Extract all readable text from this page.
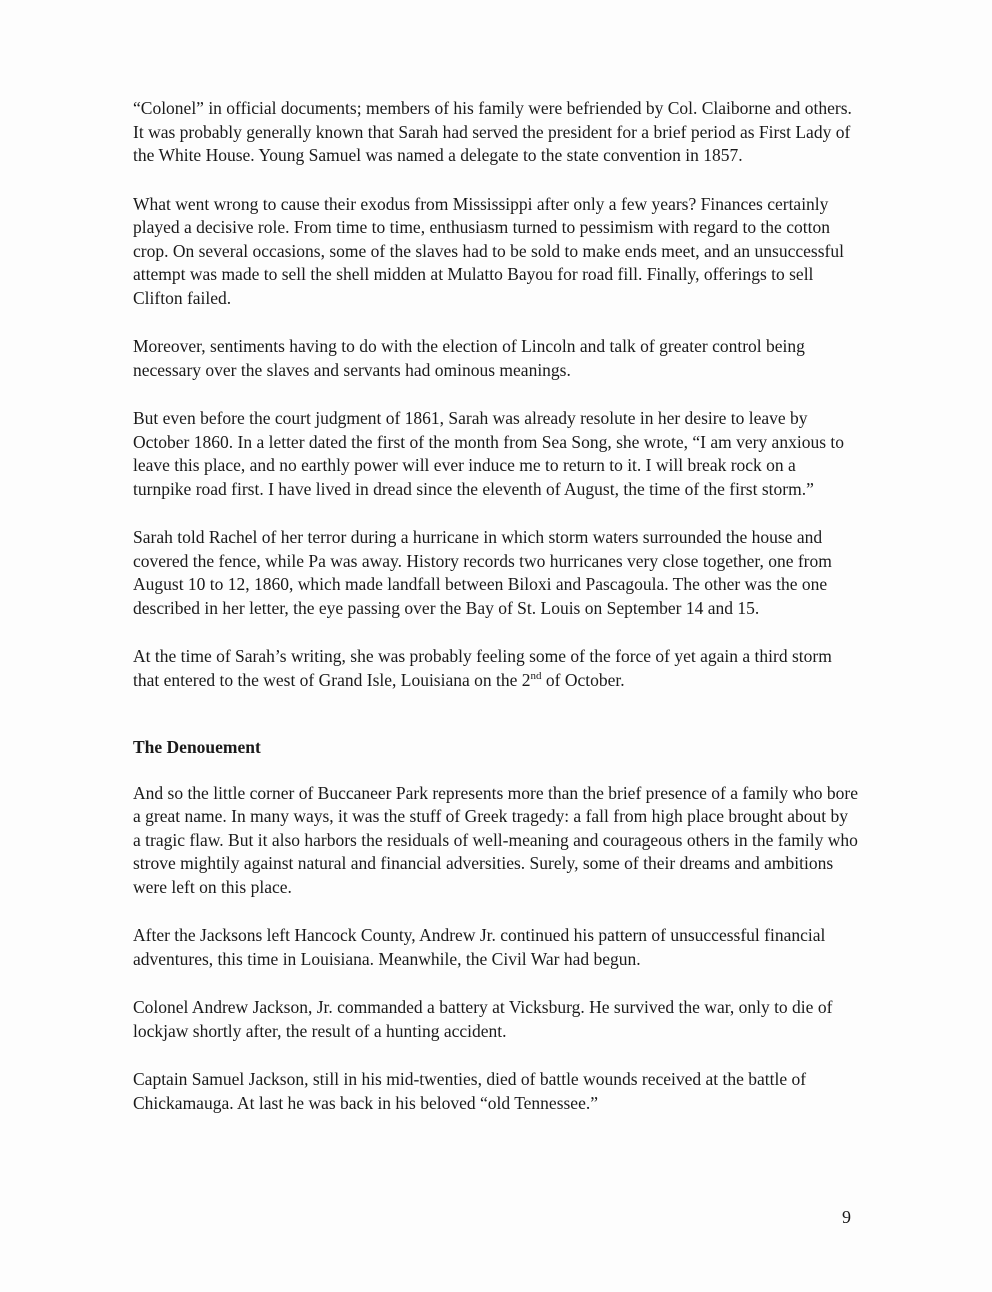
“Colonel” in official documents; members of his family were befriended by Col. Claiborne and others. It was probably generally known that Sarah had served the president for a brief period as First Lady of the White House. Young Samuel was named a delegate to the state convention in 1857.

What went wrong to cause their exodus from Mississippi after only a few years? Finances certainly played a decisive role. From time to time, enthusiasm turned to pessimism with regard to the cotton crop. On several occasions, some of the slaves had to be sold to make ends meet, and an unsuccessful attempt was made to sell the shell midden at Mulatto Bayou for road fill. Finally, offerings to sell Clifton failed.

Moreover, sentiments having to do with the election of Lincoln and talk of greater control being necessary over the slaves and servants had ominous meanings.

But even before the court judgment of 1861, Sarah was already resolute in her desire to leave by October 1860. In a letter dated the first of the month from Sea Song, she wrote, “I am very anxious to leave this place, and no earthly power will ever induce me to return to it. I will break rock on a turnpike road first. I have lived in dread since the eleventh of August, the time of the first storm.”

Sarah told Rachel of her terror during a hurricane in which storm waters surrounded the house and covered the fence, while Pa was away. History records two hurricanes very close together, one from August 10 to 12, 1860, which made landfall between Biloxi and Pascagoula. The other was the one described in her letter, the eye passing over the Bay of St. Louis on September 14 and 15.

At the time of Sarah’s writing, she was probably feeling some of the force of yet again a third storm that entered to the west of Grand Isle, Louisiana on the 2nd of October.

The Denouement

And so the little corner of Buccaneer Park represents more than the brief presence of a family who bore a great name. In many ways, it was the stuff of Greek tragedy: a fall from high place brought about by a tragic flaw. But it also harbors the residuals of well-meaning and courageous others in the family who strove mightily against natural and financial adversities. Surely, some of their dreams and ambitions were left on this place.

After the Jacksons left Hancock County, Andrew Jr. continued his pattern of unsuccessful financial adventures, this time in Louisiana. Meanwhile, the Civil War had begun.

Colonel Andrew Jackson, Jr. commanded a battery at Vicksburg. He survived the war, only to die of lockjaw shortly after, the result of a hunting accident.

Captain Samuel Jackson, still in his mid-twenties, died of battle wounds received at the battle of Chickamauga. At last he was back in his beloved “old Tennessee.”

9
